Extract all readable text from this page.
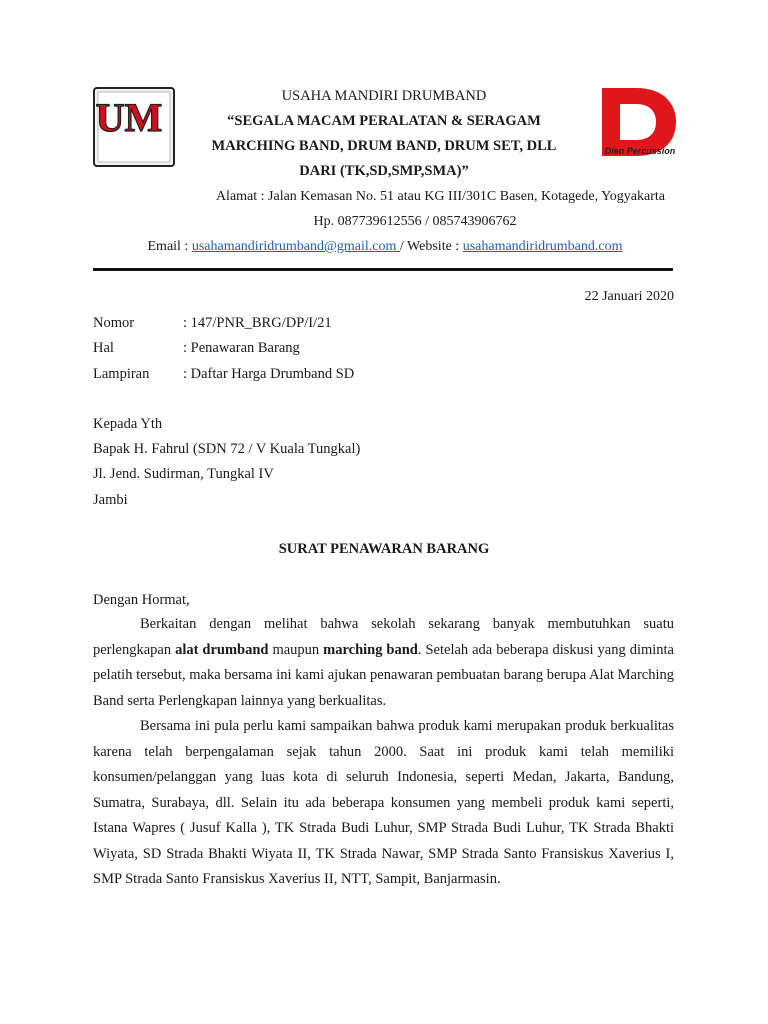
UM
Dien Percussion
USAHA MANDIRI DRUMBAND
“SEGALA MACAM PERALATAN & SERAGAM
MARCHING BAND, DRUM BAND, DRUM SET, DLL
DARI (TK,SD,SMP,SMA)”
Alamat : Jalan Kemasan No. 51 atau KG III/301C Basen, Kotagede, Yogyakarta
Hp. 087739612556 / 085743906762
Email : usahamandiridrumband@gmail.com / Website : usahamandiridrumband.com
22 Januari 2020
Nomor	: 147/PNR_BRG/DP/I/21
Hal	: Penawaran Barang
Lampiran : Daftar Harga Drumband SD
Kepada Yth
Bapak H. Fahrul (SDN 72 / V Kuala Tungkal)
Jl. Jend. Sudirman, Tungkal IV
Jambi
SURAT PENAWARAN BARANG
Dengan Hormat,

Berkaitan dengan melihat bahwa sekolah sekarang banyak membutuhkan suatu perlengkapan alat drumband maupun marching band. Setelah ada beberapa diskusi yang diminta pelatih tersebut, maka bersama ini kami ajukan penawaran pembuatan barang berupa Alat Marching Band serta Perlengkapan lainnya yang berkualitas.

Bersama ini pula perlu kami sampaikan bahwa produk kami merupakan produk berkualitas karena telah berpengalaman sejak tahun 2000. Saat ini produk kami telah memiliki konsumen/pelanggan yang luas kota di seluruh Indonesia, seperti Medan, Jakarta, Bandung, Sumatra, Surabaya, dll. Selain itu ada beberapa konsumen yang membeli produk kami seperti, Istana Wapres ( Jusuf Kalla ), TK Strada Budi Luhur, SMP Strada Budi Luhur, TK Strada Bhakti Wiyata, SD Strada Bhakti Wiyata II, TK Strada Nawar, SMP Strada Santo Fransiskus Xaverius I, SMP Strada Santo Fransiskus Xaverius II, NTT, Sampit, Banjarmasin.
